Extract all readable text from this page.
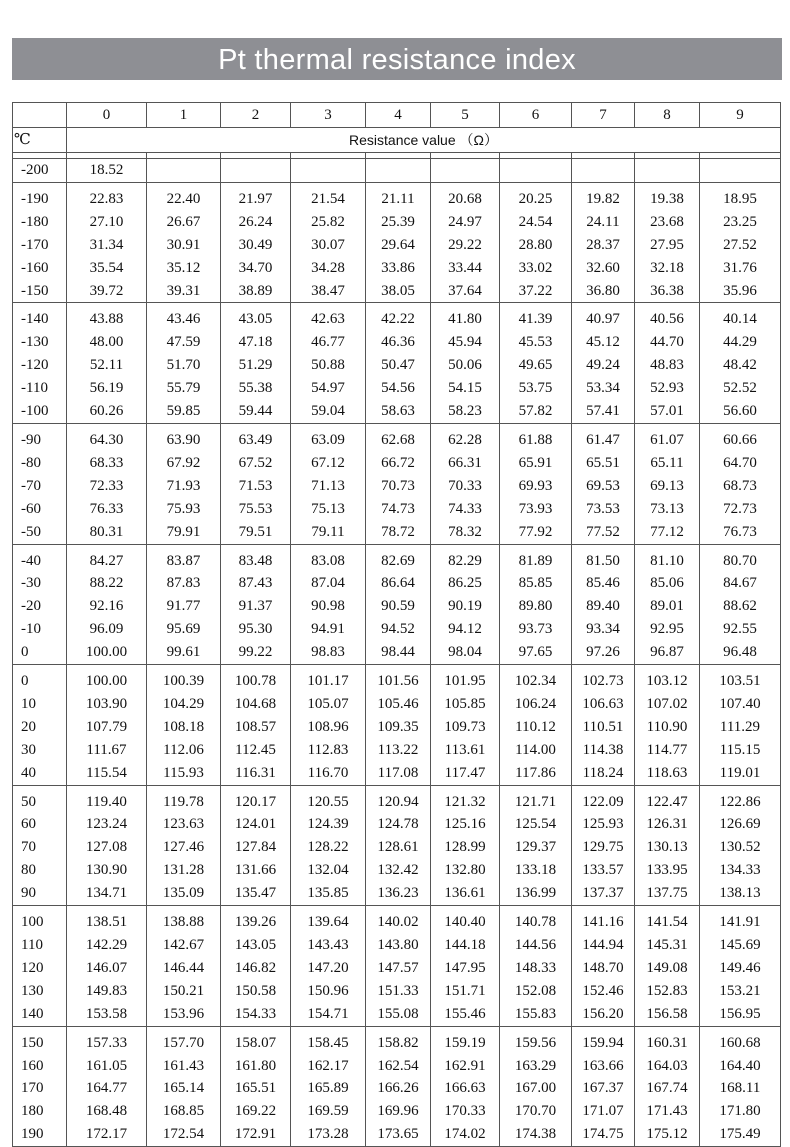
Pt thermal resistance index
	0	1	2	3	4	5	6	7	8	9
℃	Resistance value （Ω）									

-200	18.52									

-190	22.83	22.40	21.97	21.54	21.11	20.68	20.25	19.82	19.38	18.95
-180	27.10	26.67	26.24	25.82	25.39	24.97	24.54	24.11	23.68	23.25
-170	31.34	30.91	30.49	30.07	29.64	29.22	28.80	28.37	27.95	27.52
-160	35.54	35.12	34.70	34.28	33.86	33.44	33.02	32.60	32.18	31.76
-150	39.72	39.31	38.89	38.47	38.05	37.64	37.22	36.80	36.38	35.96

-140	43.88	43.46	43.05	42.63	42.22	41.80	41.39	40.97	40.56	40.14
-130	48.00	47.59	47.18	46.77	46.36	45.94	45.53	45.12	44.70	44.29
-120	52.11	51.70	51.29	50.88	50.47	50.06	49.65	49.24	48.83	48.42
-110	56.19	55.79	55.38	54.97	54.56	54.15	53.75	53.34	52.93	52.52
-100	60.26	59.85	59.44	59.04	58.63	58.23	57.82	57.41	57.01	56.60

-90	64.30	63.90	63.49	63.09	62.68	62.28	61.88	61.47	61.07	60.66
-80	68.33	67.92	67.52	67.12	66.72	66.31	65.91	65.51	65.11	64.70
-70	72.33	71.93	71.53	71.13	70.73	70.33	69.93	69.53	69.13	68.73
-60	76.33	75.93	75.53	75.13	74.73	74.33	73.93	73.53	73.13	72.73
-50	80.31	79.91	79.51	79.11	78.72	78.32	77.92	77.52	77.12	76.73

-40	84.27	83.87	83.48	83.08	82.69	82.29	81.89	81.50	81.10	80.70
-30	88.22	87.83	87.43	87.04	86.64	86.25	85.85	85.46	85.06	84.67
-20	92.16	91.77	91.37	90.98	90.59	90.19	89.80	89.40	89.01	88.62
-10	96.09	95.69	95.30	94.91	94.52	94.12	93.73	93.34	92.95	92.55
0	100.00	99.61	99.22	98.83	98.44	98.04	97.65	97.26	96.87	96.48

0	100.00	100.39	100.78	101.17	101.56	101.95	102.34	102.73	103.12	103.51
10	103.90	104.29	104.68	105.07	105.46	105.85	106.24	106.63	107.02	107.40
20	107.79	108.18	108.57	108.96	109.35	109.73	110.12	110.51	110.90	111.29
30	111.67	112.06	112.45	112.83	113.22	113.61	114.00	114.38	114.77	115.15
40	115.54	115.93	116.31	116.70	117.08	117.47	117.86	118.24	118.63	119.01

50	119.40	119.78	120.17	120.55	120.94	121.32	121.71	122.09	122.47	122.86
60	123.24	123.63	124.01	124.39	124.78	125.16	125.54	125.93	126.31	126.69
70	127.08	127.46	127.84	128.22	128.61	128.99	129.37	129.75	130.13	130.52
80	130.90	131.28	131.66	132.04	132.42	132.80	133.18	133.57	133.95	134.33
90	134.71	135.09	135.47	135.85	136.23	136.61	136.99	137.37	137.75	138.13

100	138.51	138.88	139.26	139.64	140.02	140.40	140.78	141.16	141.54	141.91
110	142.29	142.67	143.05	143.43	143.80	144.18	144.56	144.94	145.31	145.69
120	146.07	146.44	146.82	147.20	147.57	147.95	148.33	148.70	149.08	149.46
130	149.83	150.21	150.58	150.96	151.33	151.71	152.08	152.46	152.83	153.21
140	153.58	153.96	154.33	154.71	155.08	155.46	155.83	156.20	156.58	156.95

150	157.33	157.70	158.07	158.45	158.82	159.19	159.56	159.94	160.31	160.68
160	161.05	161.43	161.80	162.17	162.54	162.91	163.29	163.66	164.03	164.40
170	164.77	165.14	165.51	165.89	166.26	166.63	167.00	167.37	167.74	168.11
180	168.48	168.85	169.22	169.59	169.96	170.33	170.70	171.07	171.43	171.80
190	172.17	172.54	172.91	173.28	173.65	174.02	174.38	174.75	175.12	175.49
